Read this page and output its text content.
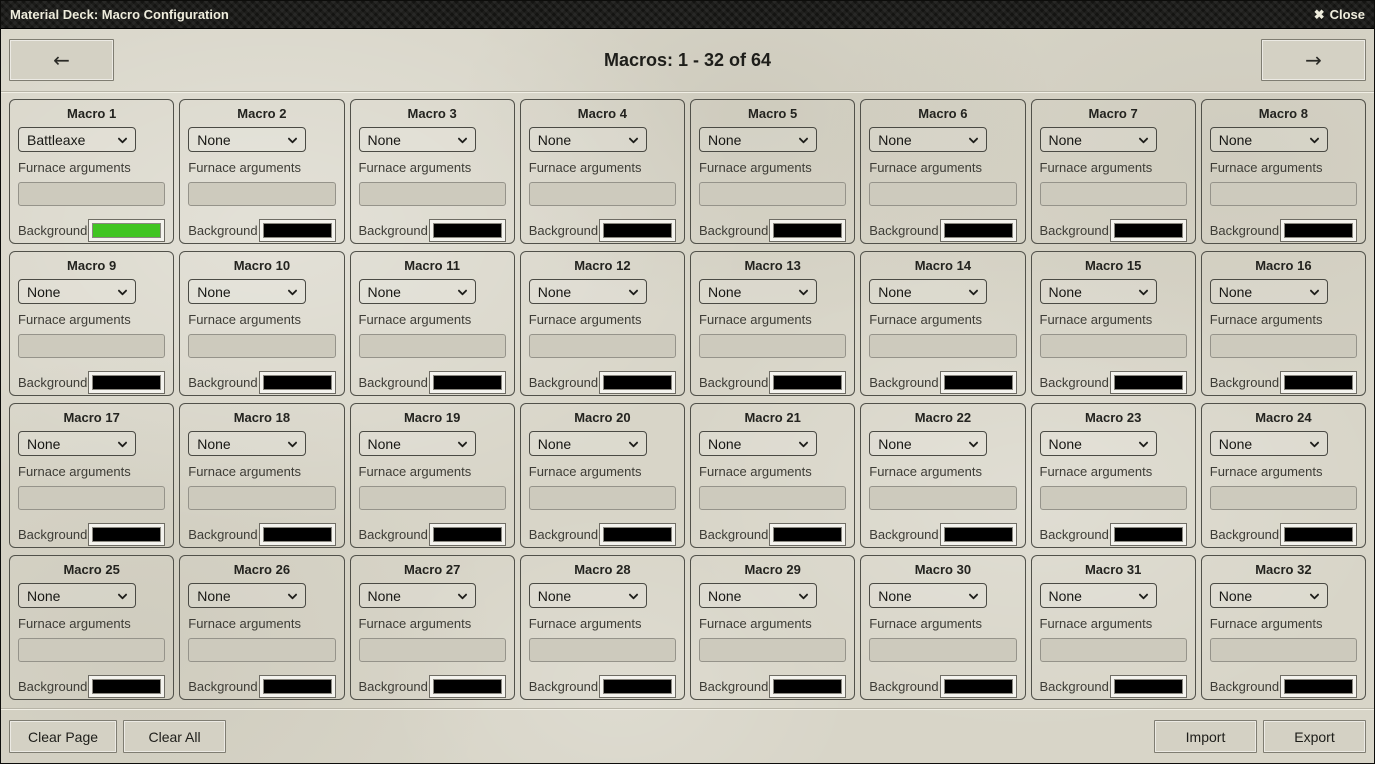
Material Deck: Macro Configuration	✖ Close
←	Macros: 1 - 32 of 64	→
Macro 1
Battleaxe
Furnace arguments
Background
Macro 2
None
Furnace arguments
Background
Macro 3
None
Furnace arguments
Background
Macro 4
None
Furnace arguments
Background
Macro 5
None
Furnace arguments
Background
Macro 6
None
Furnace arguments
Background
Macro 7
None
Furnace arguments
Background
Macro 8
None
Furnace arguments
Background
Macro 9
None
Furnace arguments
Background
Macro 10
None
Furnace arguments
Background
Macro 11
None
Furnace arguments
Background
Macro 12
None
Furnace arguments
Background
Macro 13
None
Furnace arguments
Background
Macro 14
None
Furnace arguments
Background
Macro 15
None
Furnace arguments
Background
Macro 16
None
Furnace arguments
Background
Macro 17
None
Furnace arguments
Background
Macro 18
None
Furnace arguments
Background
Macro 19
None
Furnace arguments
Background
Macro 20
None
Furnace arguments
Background
Macro 21
None
Furnace arguments
Background
Macro 22
None
Furnace arguments
Background
Macro 23
None
Furnace arguments
Background
Macro 24
None
Furnace arguments
Background
Macro 25
None
Furnace arguments
Background
Macro 26
None
Furnace arguments
Background
Macro 27
None
Furnace arguments
Background
Macro 28
None
Furnace arguments
Background
Macro 29
None
Furnace arguments
Background
Macro 30
None
Furnace arguments
Background
Macro 31
None
Furnace arguments
Background
Macro 32
None
Furnace arguments
Background
Clear Page	Clear All	Import	Export
